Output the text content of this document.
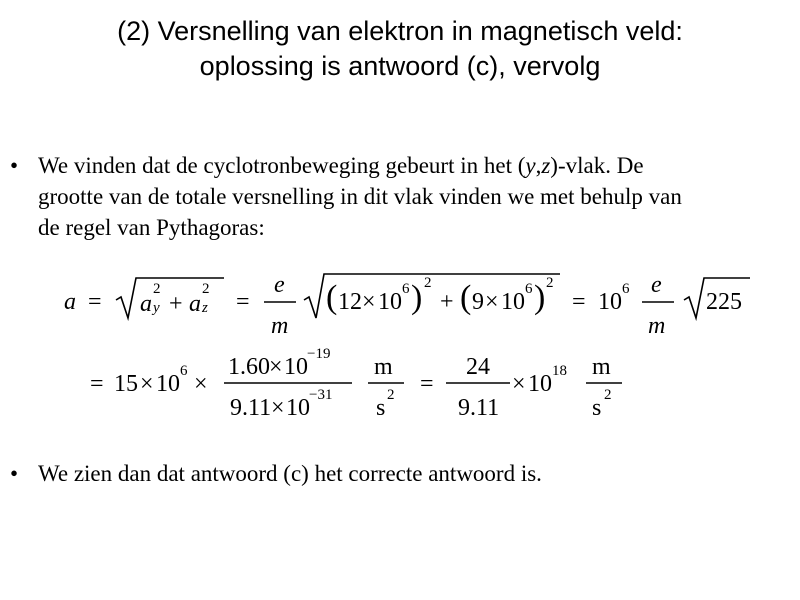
(2) Versnelling van elektron in magnetisch veld:
oplossing is antwoord (c), vervolg
• We vinden dat de cyclotronbeweging gebeurt in het (y,z)-vlak. De
grootte van de totale versnelling in dit vlak vinden we met behulp van
de regel van Pythagoras:
a = a
2
y + a
2
z =
e
m
( 12 × 10 6 ) 2
+ ( 9 × 10 6 ) 2
= 10 6 e
m
225
= 15 × 10 6 ×
1.60 × 10 −19
9.11 × 10 −31
m
s 2 =
24
9.11
× 10 18 m
s 2
• We zien dan dat antwoord (c) het correcte antwoord is.
